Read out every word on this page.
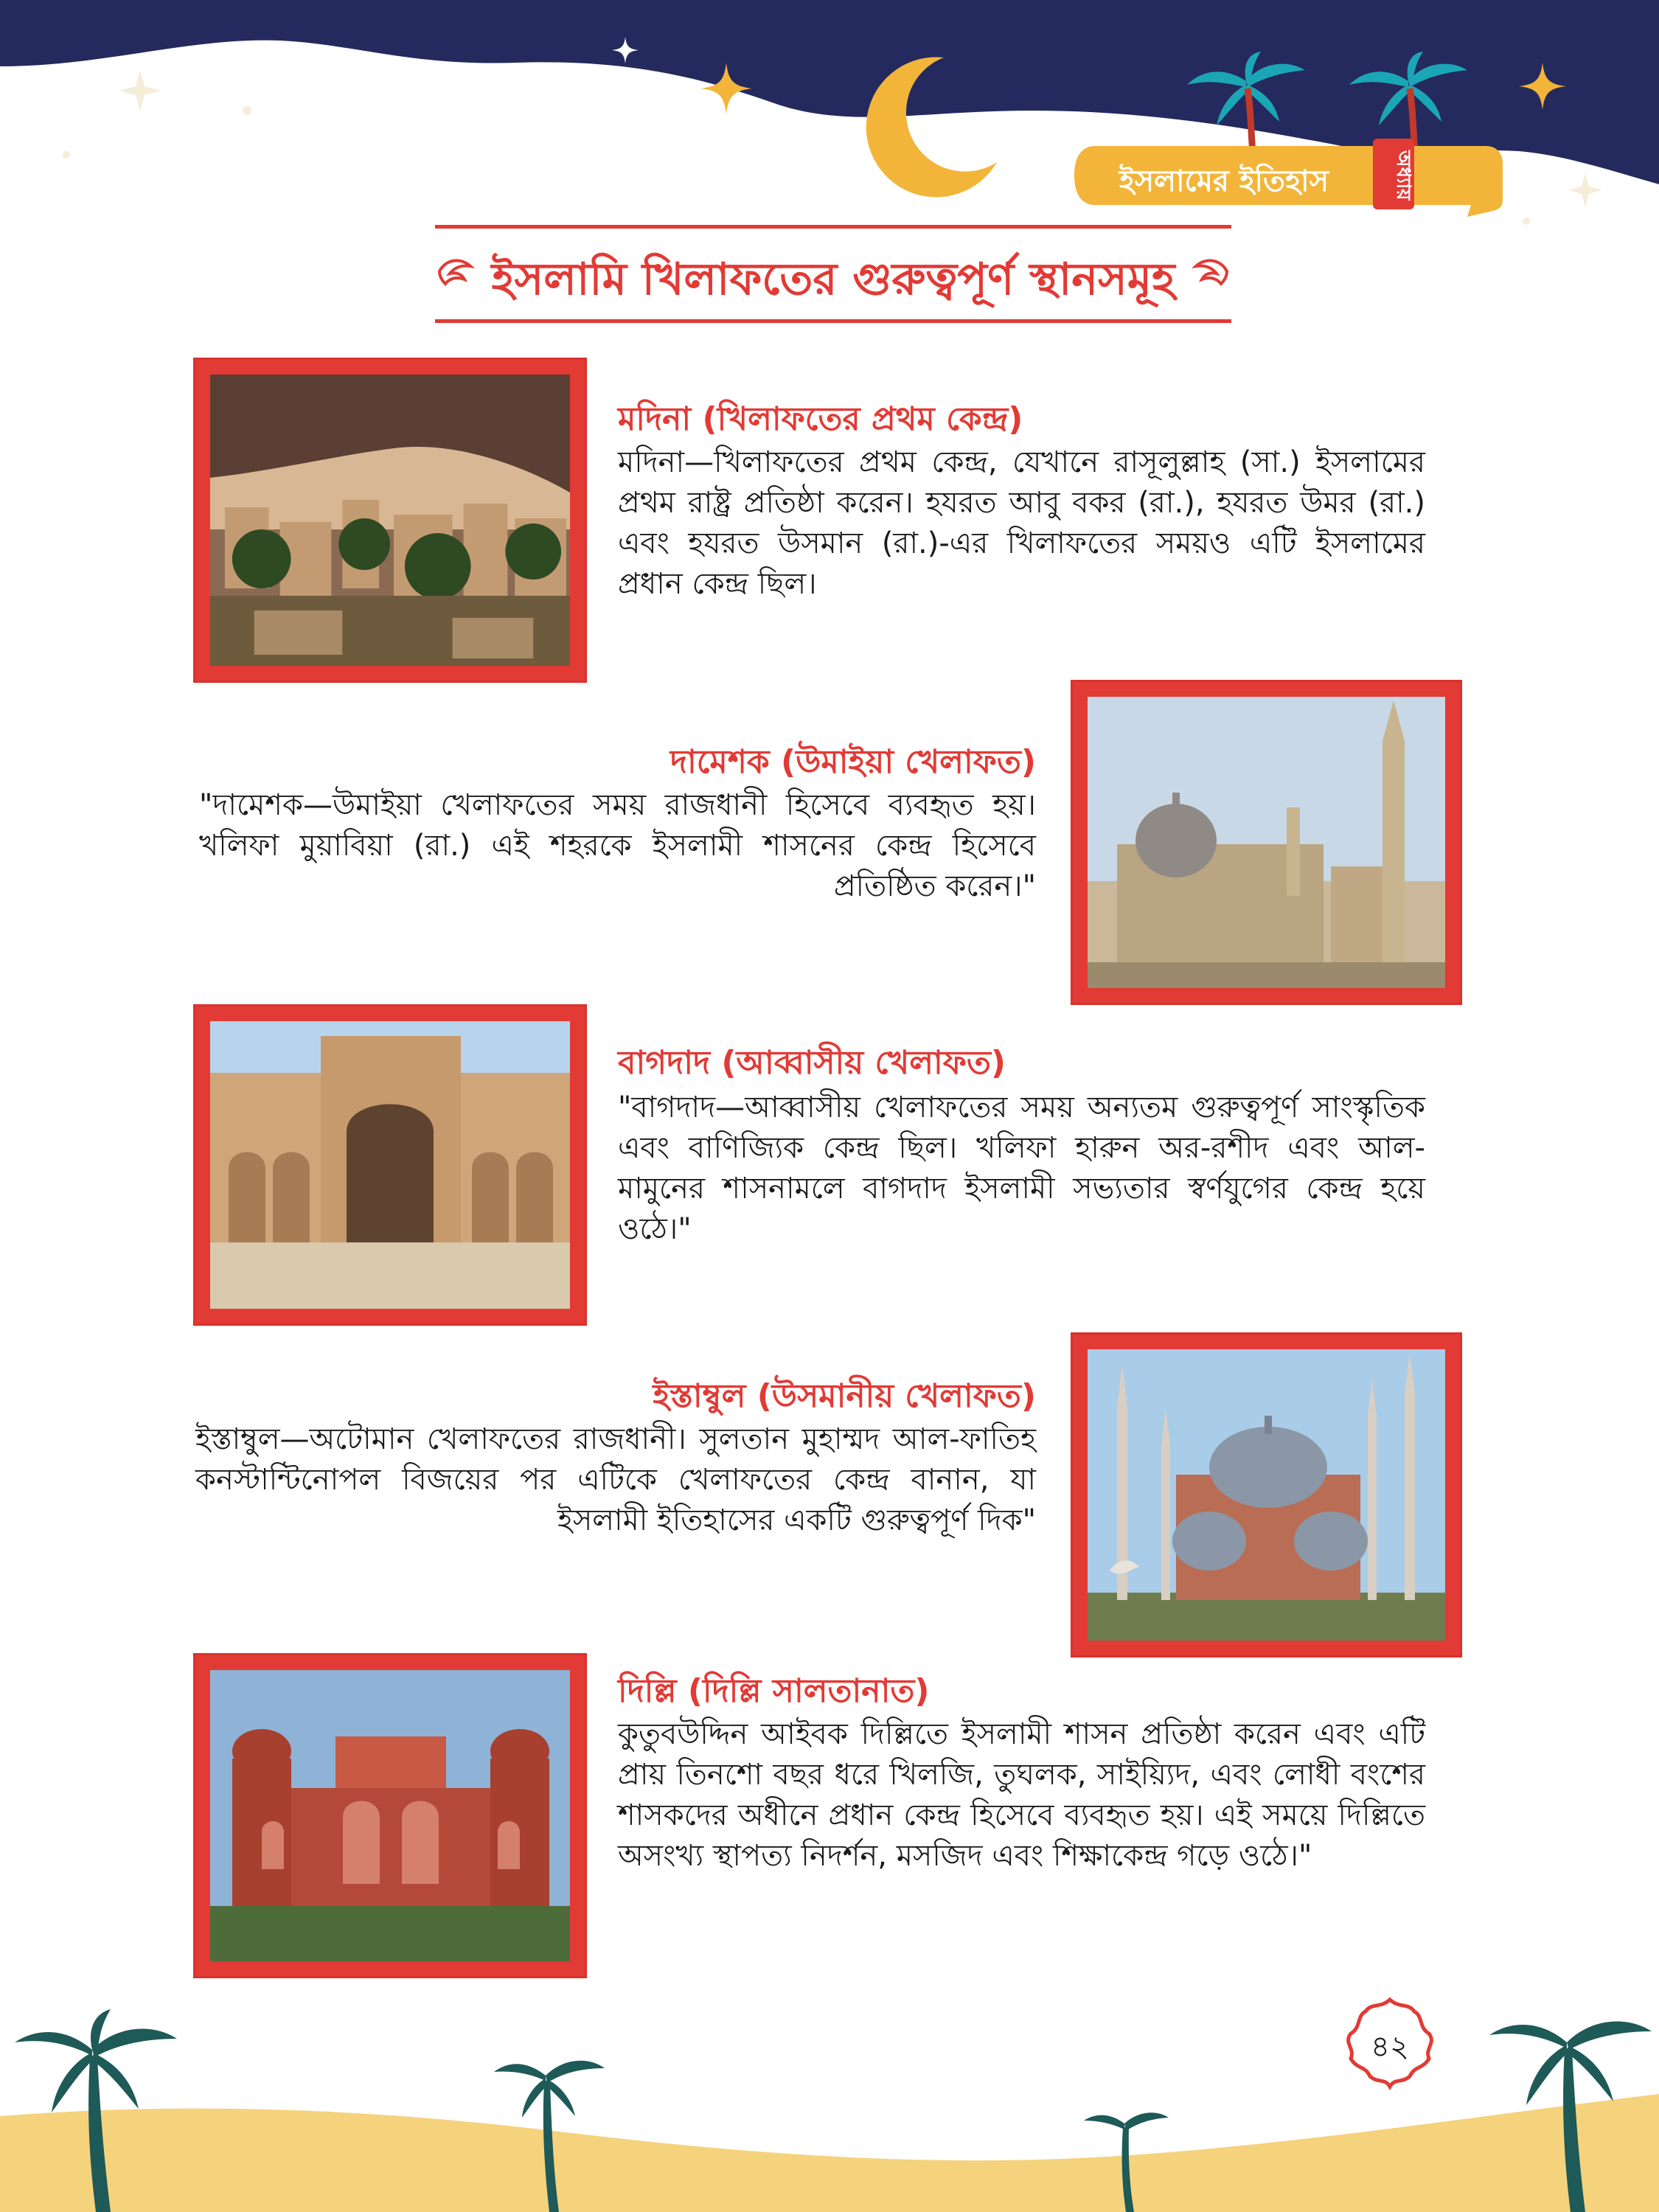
ইসলামের ইতিহাস	অধ্যায়
ইসলামি খিলাফতের গুরুত্বপূর্ণ স্থানসমূহ
মদিনা (খিলাফতের প্রথম কেন্দ্র)
মদিনা—খিলাফতের প্রথম কেন্দ্র, যেখানে রাসূলুল্লাহ (সা.) ইসলামের প্রথম রাষ্ট্র প্রতিষ্ঠা করেন। হযরত আবু বকর (রা.), হযরত উমর (রা.) এবং হযরত উসমান (রা.)-এর খিলাফতের সময়ও এটি ইসলামের প্রধান কেন্দ্র ছিল।
দামেশক (উমাইয়া খেলাফত)
"দামেশক—উমাইয়া খেলাফতের সময় রাজধানী হিসেবে ব্যবহৃত হয়। খলিফা মুয়াবিয়া (রা.) এই শহরকে ইসলামী শাসনের কেন্দ্র হিসেবে প্রতিষ্ঠিত করেন।"
বাগদাদ (আব্বাসীয় খেলাফত)
"বাগদাদ—আব্বাসীয় খেলাফতের সময় অন্যতম গুরুত্বপূর্ণ সাংস্কৃতিক এবং বাণিজ্যিক কেন্দ্র ছিল। খলিফা হারুন অর-রশীদ এবং আল-মামুনের শাসনামলে বাগদাদ ইসলামী সভ্যতার স্বর্ণযুগের কেন্দ্র হয়ে ওঠে।"
ইস্তাম্বুল (উসমানীয় খেলাফত)
ইস্তাম্বুল—অটোমান খেলাফতের রাজধানী। সুলতান মুহাম্মদ আল-ফাতিহ কনস্টান্টিনোপল বিজয়ের পর এটিকে খেলাফতের কেন্দ্র বানান, যা ইসলামী ইতিহাসের একটি গুরুত্বপূর্ণ দিক"
দিল্লি (দিল্লি সালতানাত)
কুতুবউদ্দিন আইবক দিল্লিতে ইসলামী শাসন প্রতিষ্ঠা করেন এবং এটি প্রায় তিনশো বছর ধরে খিলজি, তুঘলক, সাইয়্যিদ, এবং লোধী বংশের শাসকদের অধীনে প্রধান কেন্দ্র হিসেবে ব্যবহৃত হয়। এই সময়ে দিল্লিতে অসংখ্য স্থাপত্য নিদর্শন, মসজিদ এবং শিক্ষাকেন্দ্র গড়ে ওঠে।"
৪২
